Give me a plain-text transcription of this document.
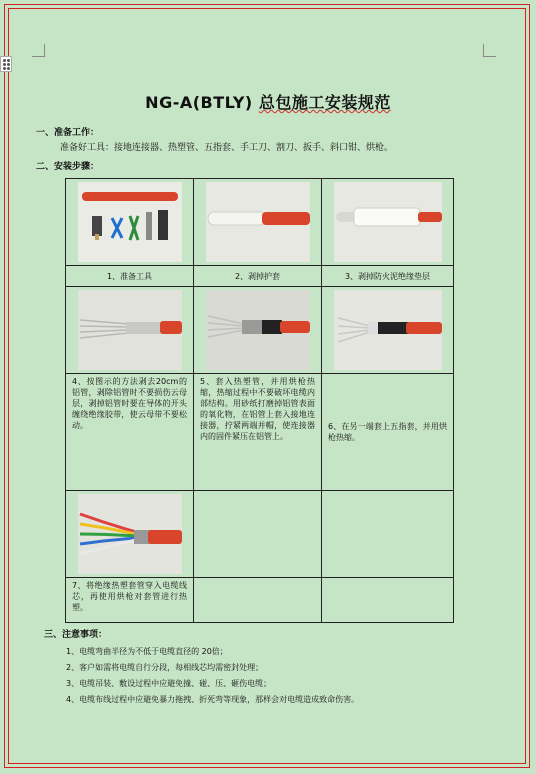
NG-A(BTLY) 总包施工安装规范
一、准备工作：
准备好工具：接地连接器、热塑管、五指套、手工刀、割刀、扳手、斜口钳、烘枪。
二、安装步骤：

1、准备工具	2、剥掉护套	3、剥掉防火泥绝缘垫层

4、按图示的方法剥去20cm的铝管，剥除铝管时不要损伤云母层，剥掉铝管时要在导体的开头缠绕绝缘胶带，使云母带不要松动。	5、套入热塑管，并用烘枪热缩，热缩过程中不要破坏电缆内部结构。用砂纸打磨掉铝管表面的氧化物，在铝管上套入接地连接器，拧紧两端并帽，使连接器内的固件紧压在铝管上。	6、在另一端套上五指套，并用烘枪热缩。

7、将绝缘热塑套管穿入电缆线芯，再使用烘枪对套管进行热塑。		
三、注意事项：
1、电缆弯曲半径为不低于电缆直径的 20倍；
2、客户如需将电缆自行分段，每相线芯均需密封处理；
3、电缆吊装、敷设过程中应避免撞、碰、压、砸伤电缆；
4、电缆布线过程中应避免暴力拖拽、折死弯等现象，那样会对电缆造成致命伤害。
